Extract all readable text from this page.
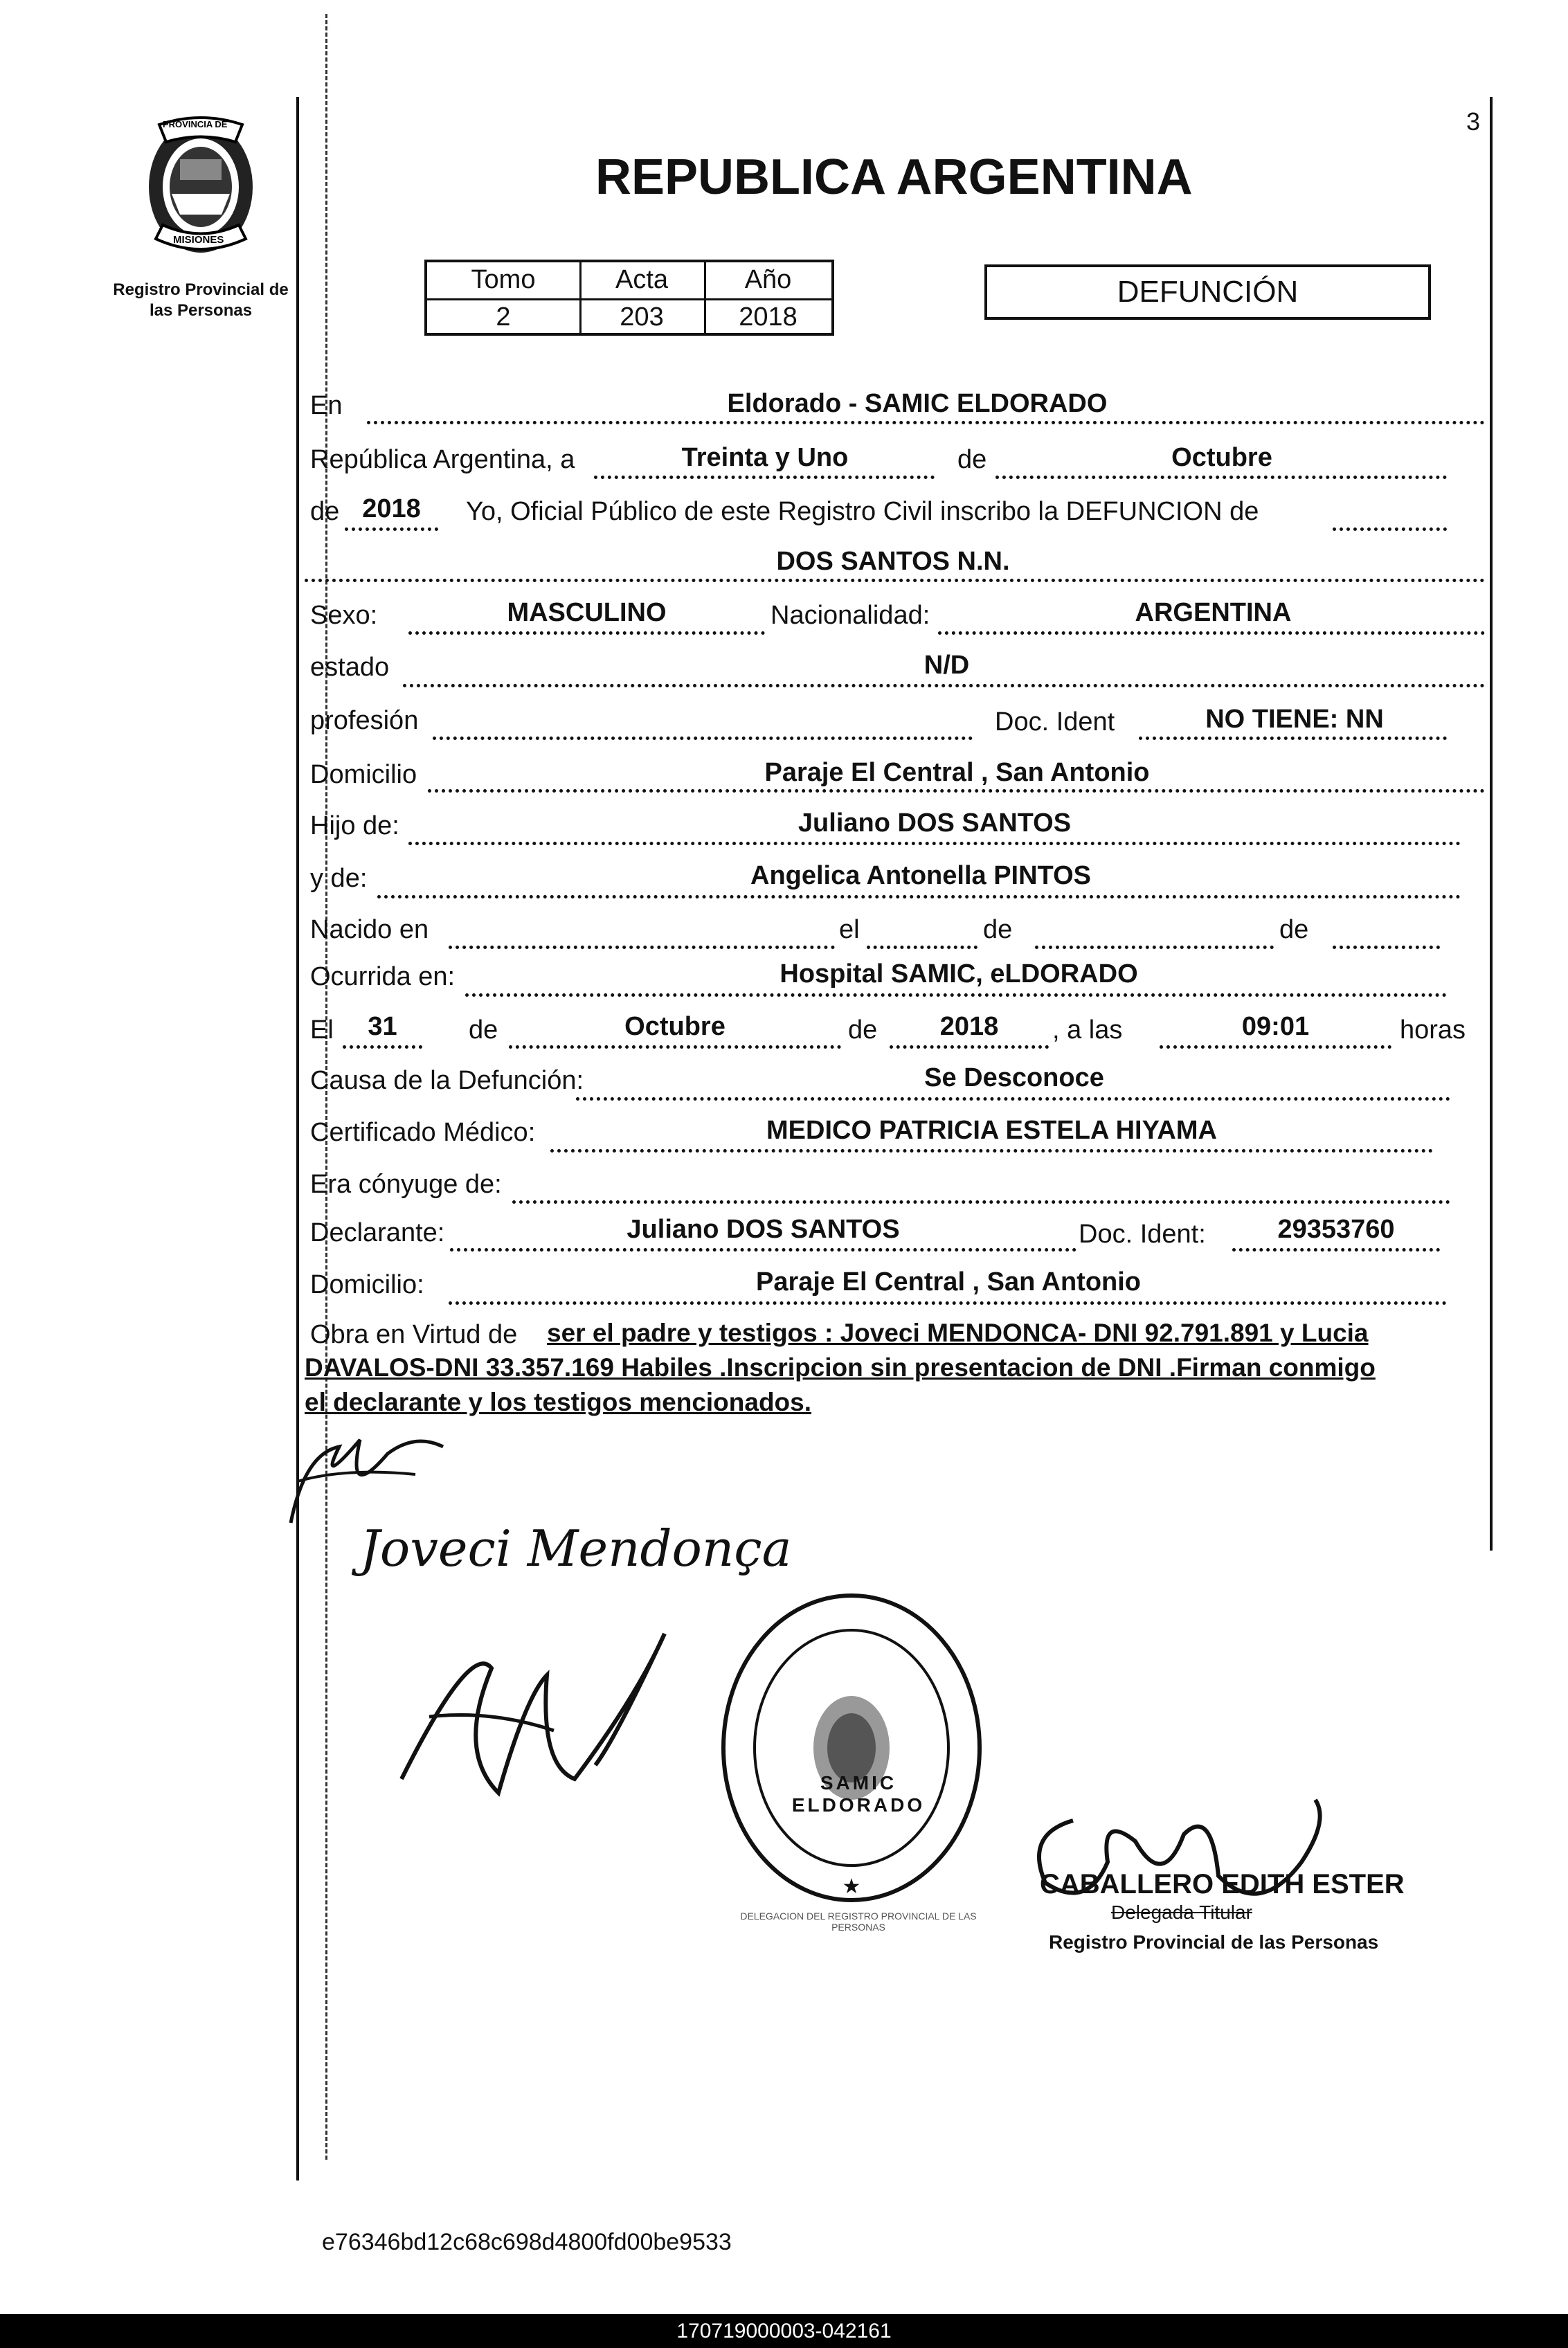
PROVINCIA DE
MISIONES
Registro Provincial de
las Personas
3
REPUBLICA ARGENTINA
Tomo	Acta	Año
2	203	2018
DEFUNCIÓN
En	Eldorado - SAMIC ELDORADO
República Argentina, a	Treinta y Uno	de	Octubre
de 2018	Yo, Oficial Público de este Registro Civil inscribo la DEFUNCION de
DOS SANTOS N.N.
Sexo:	MASCULINO	Nacionalidad:	ARGENTINA
estado	N/D
profesión	Doc. Ident	NO TIENE: NN
Domicilio	Paraje El Central , San Antonio
Hijo de:	Juliano DOS SANTOS
y de:	Angelica Antonella PINTOS
Nacido en	el	de	de
Ocurrida en:	Hospital SAMIC, eLDORADO
El	31	de	Octubre	de	2018	, a las	09:01	horas
Causa de la Defunción:	Se Desconoce
Certificado Médico:	MEDICO PATRICIA ESTELA HIYAMA
Era cónyuge de:
Declarante:	Juliano DOS SANTOS	Doc. Ident:	29353760
Domicilio:	Paraje El Central , San Antonio
Obra en Virtud de ser el padre y testigos : Joveci MENDONCA- DNI 92.791.891 y Lucia
DAVALOS-DNI 33.357.169 Habiles .Inscripcion sin presentacion de DNI .Firman conmigo
el declarante y los testigos mencionados.
Joveci Mendonça
★
DELEGACION DEL REGISTRO PROVINCIAL DE LAS PERSONAS
SAMIC ELDORADO
CABALLERO EDITH ESTER
Delegada Titular
Registro Provincial de las Personas
e76346bd12c68c698d4800fd00be9533
170719000003-042161
